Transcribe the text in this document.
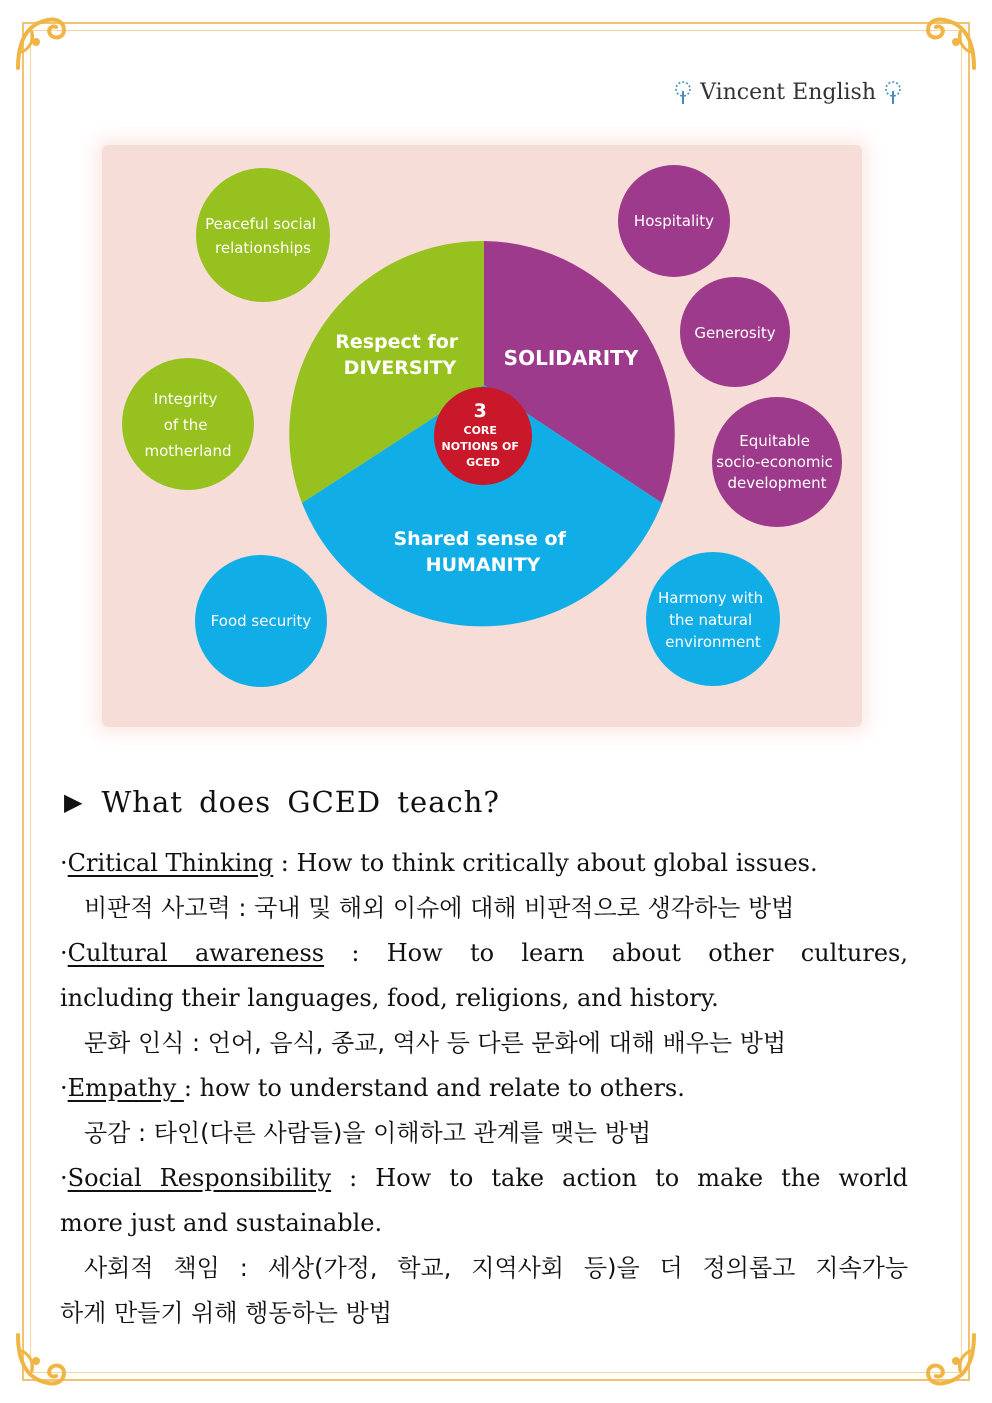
Vincent English
Respect for DIVERSITY	SOLIDARITY
Shared sense of HUMANITY
3 CORE NOTIONS OF GCED
Peaceful social relationships
Integrity of the motherland
Food security
Hospitality
Generosity
Equitable socio-economic development
Harmony with the natural environment
▶ What does GCED teach?
·Critical Thinking : How to think critically about global issues.
비판적 사고력 : 국내 및 해외 이슈에 대해 비판적으로 생각하는 방법
·Cultural awareness : How to learn about other cultures,
including their languages, food, religions, and history.
문화 인식 : 언어, 음식, 종교, 역사 등 다른 문화에 대해 배우는 방법
·Empathy : how to understand and relate to others.
공감 : 타인(다른 사람들)을 이해하고 관계를 맺는 방법
·Social Responsibility : How to take action to make the world
more just and sustainable.
사회적 책임 : 세상(가정, 학교, 지역사회 등)을 더 정의롭고 지속가능
하게 만들기 위해 행동하는 방법
